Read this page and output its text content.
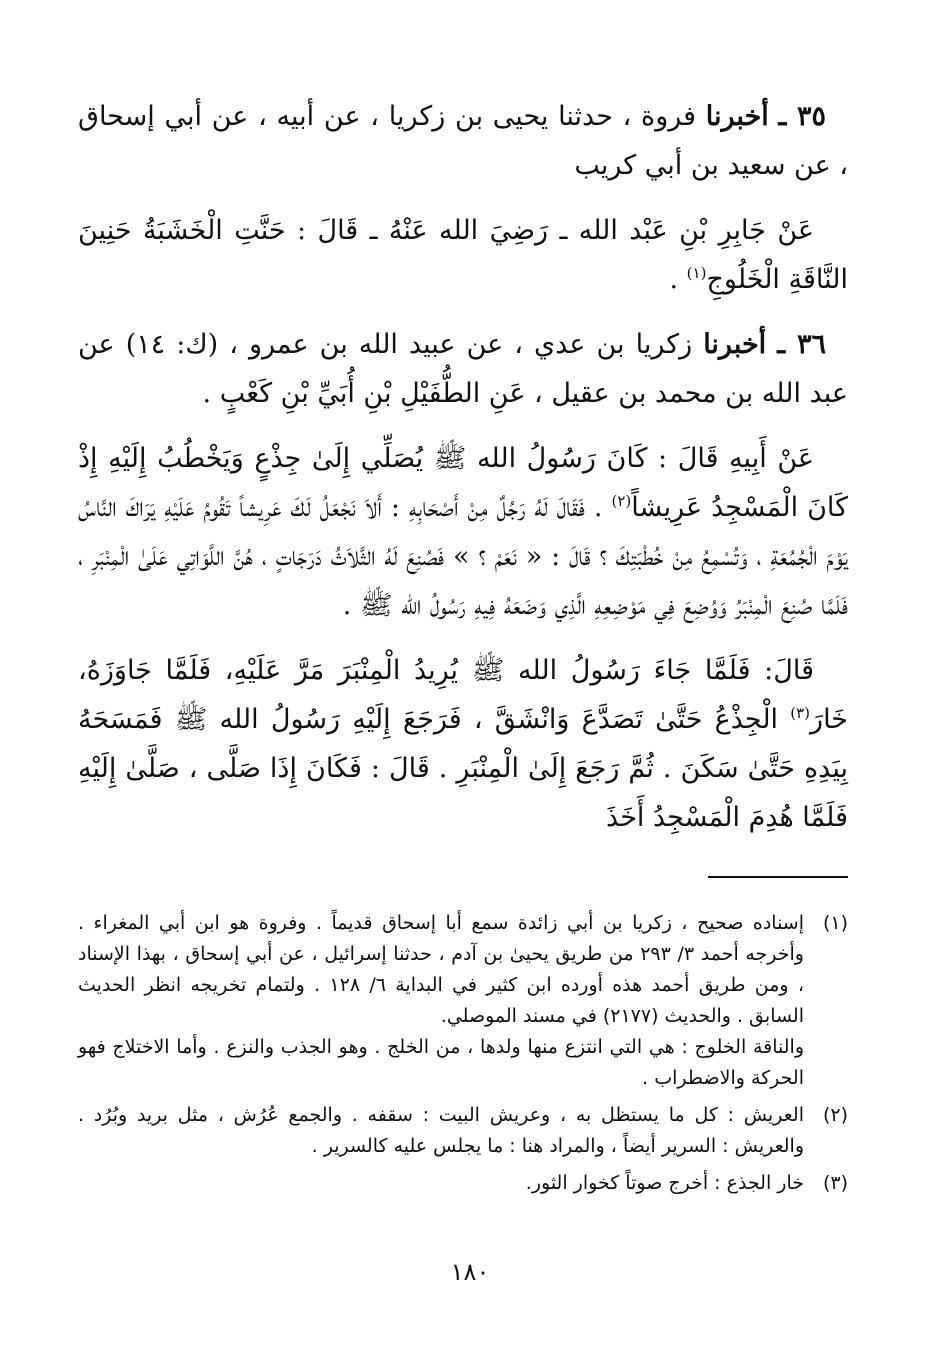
٣٥ ـ أخبرنا فروة ، حدثنا يحيى بن زكريا ، عن أبيه ، عن أبي إسحاق ، عن سعيد بن أبي كريب

عَنْ جَابِرِ بْنِ عَبْد الله ـ رَضِيَ الله عَنْهُ ـ قَالَ : حَنَّتِ الْخَشَبَةُ حَنِينَ النَّاقَةِ الْخَلُوجِ$^{(١)}$ .

٣٦ ـ أخبرنا زكريا بن عدي ، عن عبيد الله بن عمرو ، (ك: ١٤) عن عبد الله بن محمد بن عقيل ، عَنِ الطُّفَيْلِ بْنِ أُبَيِّ بْنِ كَعْبٍ .

عَنْ أَبِيهِ قَالَ : كَانَ رَسُولُ الله ﷺ يُصَلِّي إِلَىٰ جِذْعٍ وَيَخْطُبُ إِلَيْهِ إِذْ كَانَ الْمَسْجِدُ عَرِيشاً$^{(٢)}$ . فَقَالَ لَهُ رَجُلٌ مِنْ أَصْحَابِهِ : أَلاَ نَجْعَلُ لَكَ عَرِيشاً تَقُومُ عَلَيْهِ يَرَاكَ النَّاسُ يَوْمَ الْجُمُعَةِ ، وَتُسْمِعُ مِنْ خُطْبَتِكَ ؟ قَالَ : « نَعَمْ ؟ » فَصُنِعَ لَهُ الثَّلاَثُ دَرَجَاتٍ ، هُنَّ اللَّوَاتِي عَلَىٰ الْمِنْبَرِ ، فَلَمَّا صُنِعَ الْمِنْبَرُ وَوُضِعَ فِي مَوْضِعِهِ الَّذِي وَضَعَهُ فِيهِ رَسُولُ الله ﷺ .

قَالَ: فَلَمَّا جَاءَ رَسُولُ الله ﷺ يُرِيدُ الْمِنْبَرَ مَرَّ عَلَيْهِ، فَلَمَّا جَاوَزَهُ، خَارَ$^{(٣)}$ الْجِذْعُ حَتَّىٰ تَصَدَّعَ وَانْشَقَّ ، فَرَجَعَ إِلَيْهِ رَسُولُ الله ﷺ فَمَسَحَهُ بِيَدِهِ حَتَّىٰ سَكَنَ . ثُمَّ رَجَعَ إِلَىٰ الْمِنْبَرِ . قَالَ : فَكَانَ إِذَا صَلَّى ، صَلَّىٰ إِلَيْهِ فَلَمَّا هُدِمَ الْمَسْجِدُ أَخَذَ

(١)
إسناده صحيح ، زكريا بن أبي زائدة سمع أبا إسحاق قديماً . وفروة هو ابن أبي المغراء . وأخرجه أحمد ٣/ ٢٩٣ من طريق يحيىٰ بن آدم ، حدثنا إسرائيل ، عن أبي إسحاق ، بهذا الإسناد ، ومن طريق أحمد هذه أورده ابن كثير في البداية ٦/ ١٢٨ . ولتمام تخريجه انظر الحديث السابق . والحديث (٢١٧٧) في مسند الموصلي.
والناقة الخلوج : هي التي انتزع منها ولدها ، من الخلج . وهو الجذب والنزع . وأما الاختلاج فهو الحركة والاضطراب .
(٢)
العريش : كل ما يستظل به ، وعريش البيت : سقفه . والجمع عُرُش ، مثل بريد وبُرُد . والعريش : السرير أيضاً ، والمراد هنا : ما يجلس عليه كالسرير .
(٣)
خار الجذع : أخرج صوتاً كخوار الثور.
١٨٠
